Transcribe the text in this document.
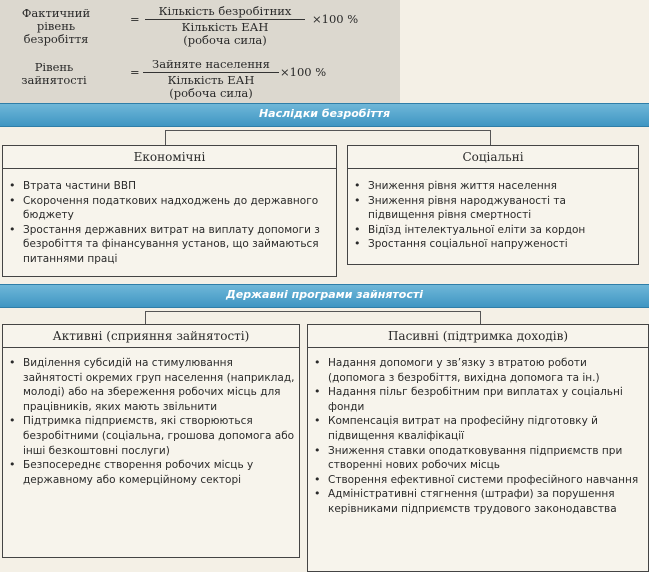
Фактичний рівень
безробіття
=
Кількість безробітних
Кількість ЕАН
(робоча сила)
×100 %
Рівень
зайнятості
=
Зайняте населення
Кількість ЕАН
(робоча сила)
×100 %
Наслідки безробіття
Економічні
• Втрата частини ВВП
• Скорочення податкових надходжень до державного бюджету
• Зростання державних витрат на виплату допомоги з безробіття та фінансування установ, що займаються питаннями праці
Соціальні
• Зниження рівня життя населення
• Зниження рівня народжуваності та підвищення рівня смертності
• Відїзд інтелектуальної еліти за кордон
• Зростання соціальної напруженості
Державні програми зайнятості
Активні (сприяння зайнятості)
• Виділення субсидій на стимулювання зайнятості окремих груп населення (наприклад, молоді) або на збереження робочих місць для працівників, яких мають звільнити
• Підтримка підприємств, які створюються безробітними (соціальна, грошова допомога або інші безкоштовні послуги)
• Безпосереднє створення робочих місць у державному або комерційному секторі
Пасивні (підтримка доходів)
• Надання допомоги у зв’язку з втратою роботи (допомога з безробіття, вихідна допомога та ін.)
• Надання пільг безробітним при виплатах у соціальні фонди
• Компенсація витрат на професійну підготовку й підвищення кваліфікації
• Зниження ставки оподатковування підприємств при створенні нових робочих місць
• Створення ефективної системи професійного навчання
• Адміністративні стягнення (штрафи) за порушення керівниками підприємств трудового законодавства
